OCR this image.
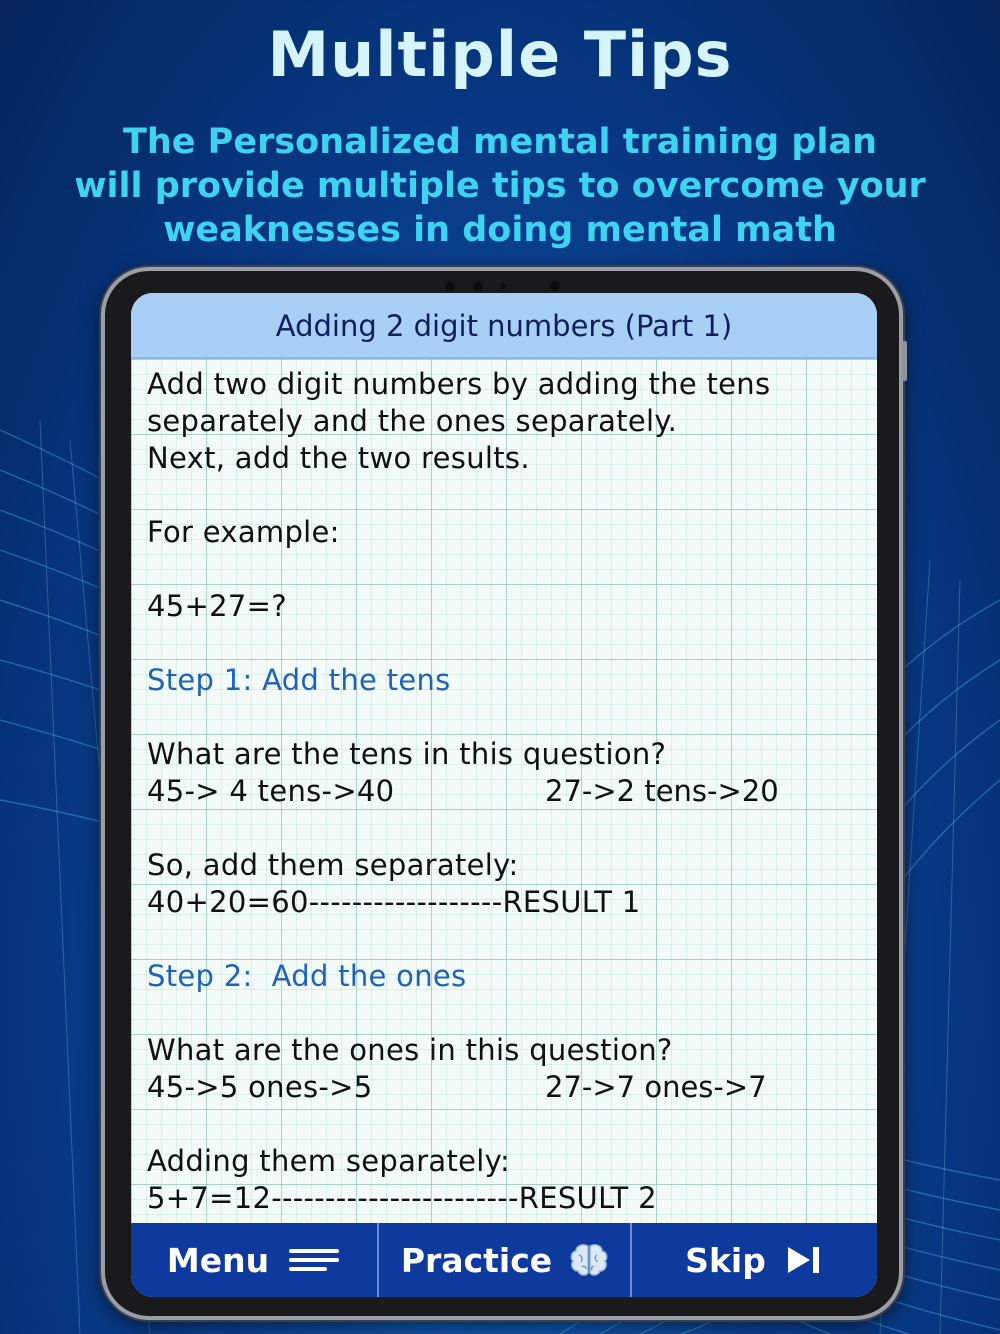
Multiple Tips
The Personalized mental training plan
will provide multiple tips to overcome your
weaknesses in doing mental math
Adding 2 digit numbers (Part 1)
Add two digit numbers by adding the tens
separately and the ones separately.
Next, add the two results.
For example:
45+27=?
Step 1: Add the tens
What are the tens in this question?
45-> 4 tens->40	27->2 tens->20
So, add them separately:
40+20=60------------------RESULT 1
Step 2:  Add the ones
What are the ones in this question?
45->5 ones->5	27->7 ones->7
Adding them separately:
5+7=12-----------------------RESULT 2
Menu	Practice	Skip
